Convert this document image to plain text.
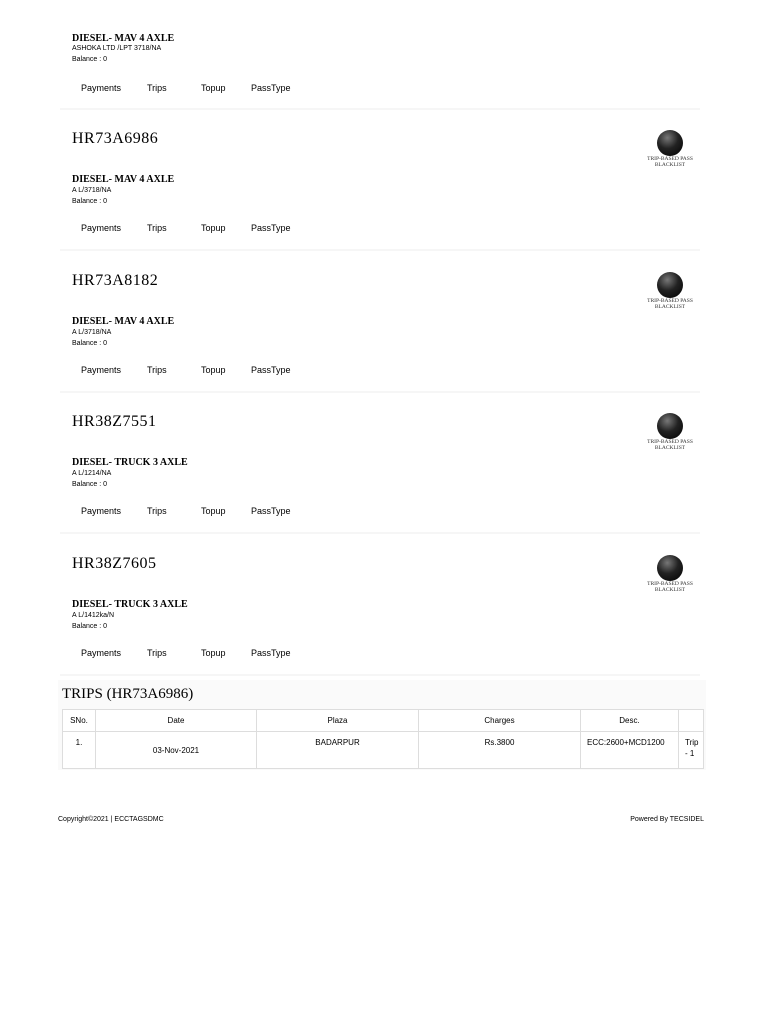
DIESEL- MAV 4 AXLE
ASHOKA LTD /LPT 3718/NA
Balance : 0
Payments	Trips	Topup	PassType
HR73A6986
DIESEL- MAV 4 AXLE
A L/3718/NA
Balance : 0
Payments	Trips	Topup	PassType
TRIP-BASED PASS
BLACKLIST
HR73A8182
DIESEL- MAV 4 AXLE
A L/3718/NA
Balance : 0
Payments	Trips	Topup	PassType
TRIP-BASED PASS
BLACKLIST
HR38Z7551
DIESEL- TRUCK 3 AXLE
A L/1214/NA
Balance : 0
Payments	Trips	Topup	PassType
TRIP-BASED PASS
BLACKLIST
HR38Z7605
DIESEL- TRUCK 3 AXLE
A L/1412ka/N
Balance : 0
Payments	Trips	Topup	PassType
TRIP-BASED PASS
BLACKLIST
TRIPS (HR73A6986)
SNo.	Date	Plaza	Charges	Desc.	
1.	03-Nov-2021	BADARPUR	Rs.3800	ECC:2600+MCD1200	Trip
- 1
Copyright©2021 | ECCTAGSDMC	Powered By TECSIDEL
